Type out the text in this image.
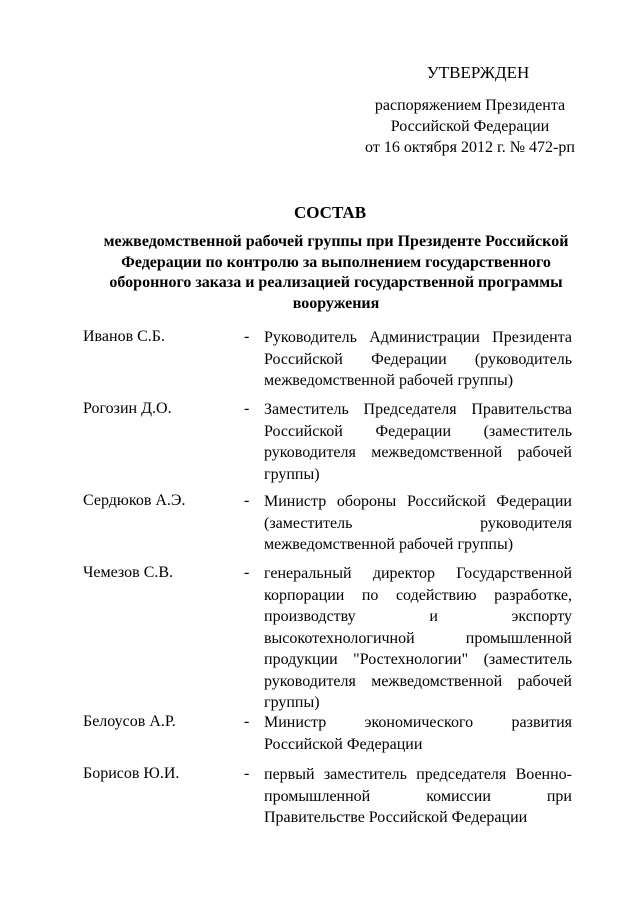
УТВЕРЖДЕН
распоряжением Президента
Российской Федерации
от 16 октября 2012 г. № 472-рп
СОСТАВ
межведомственной рабочей группы при Президенте Российской
Федерации по контролю за выполнением государственного
оборонного заказа и реализацией государственной программы
вооружения
Иванов С.Б.	- Руководитель Администрации Президента
Российской Федерации (руководитель
межведомственной рабочей группы)
Рогозин Д.О.	- Заместитель Председателя Правительства
Российской Федерации (заместитель
руководителя межведомственной рабочей
группы)
Сердюков А.Э.	- Министр обороны Российской Федерации
(заместитель руководителя
межведомственной рабочей группы)
Чемезов С.В.	- генеральный директор Государственной
корпорации по содействию разработке,
производству и экспорту
высокотехнологичной промышленной
продукции "Ростехнологии" (заместитель
руководителя межведомственной рабочей
группы)
Белоусов А.Р.	- Министр экономического развития
Российской Федерации
Борисов Ю.И.	- первый заместитель председателя Военно-
промышленной комиссии при
Правительстве Российской Федерации
